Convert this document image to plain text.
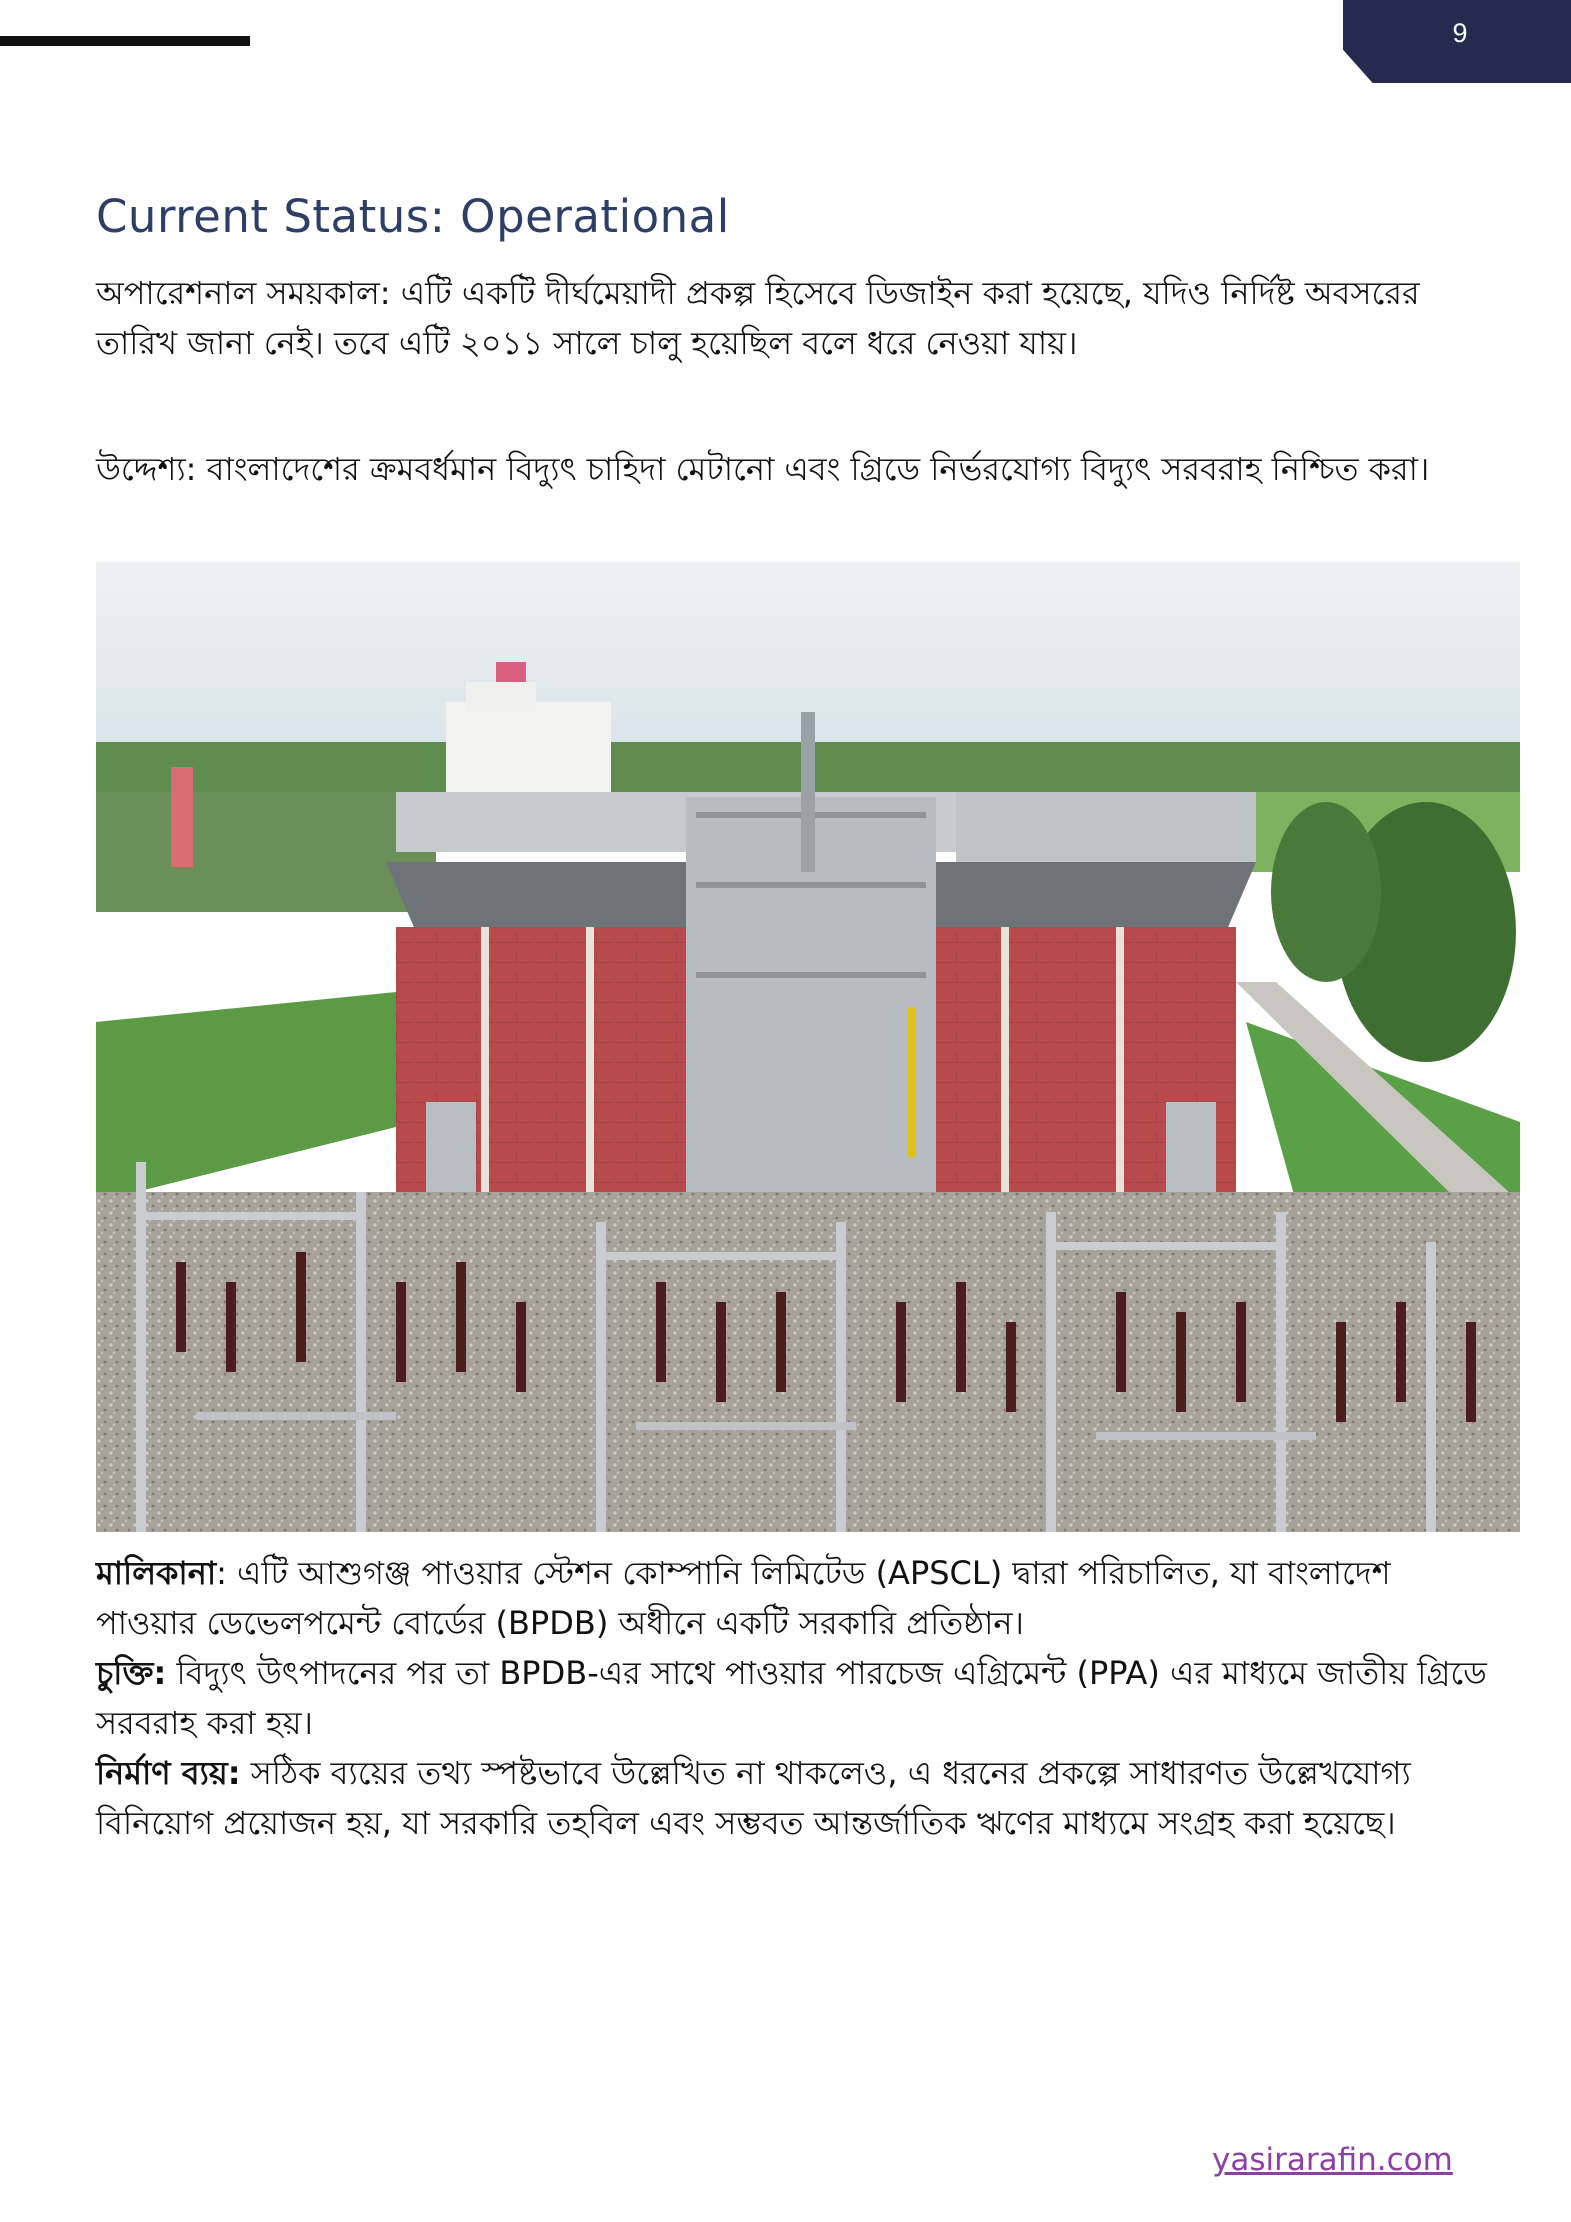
9
Current Status: Operational

অপারেশনাল সময়কাল: এটি একটি দীর্ঘমেয়াদী প্রকল্প হিসেবে ডিজাইন করা হয়েছে, যদিও নির্দিষ্ট অবসরের তারিখ জানা নেই। তবে এটি ২০১১ সালে চালু হয়েছিল বলে ধরে নেওয়া যায়।

উদ্দেশ্য: বাংলাদেশের ক্রমবর্ধমান বিদ্যুৎ চাহিদা মেটানো এবং গ্রিডে নির্ভরযোগ্য বিদ্যুৎ সরবরাহ নিশ্চিত করা।

মালিকানা: এটি আশুগঞ্জ পাওয়ার স্টেশন কোম্পানি লিমিটেড (APSCL) দ্বারা পরিচালিত, যা বাংলাদেশ পাওয়ার ডেভেলপমেন্ট বোর্ডের (BPDB) অধীনে একটি সরকারি প্রতিষ্ঠান।

চুক্তি: বিদ্যুৎ উৎপাদনের পর তা BPDB-এর সাথে পাওয়ার পারচেজ এগ্রিমেন্ট (PPA) এর মাধ্যমে জাতীয় গ্রিডে সরবরাহ করা হয়।

নির্মাণ ব্যয়: সঠিক ব্যয়ের তথ্য স্পষ্টভাবে উল্লেখিত না থাকলেও, এ ধরনের প্রকল্পে সাধারণত উল্লেখযোগ্য বিনিয়োগ প্রয়োজন হয়, যা সরকারি তহবিল এবং সম্ভবত আন্তর্জাতিক ঋণের মাধ্যমে সংগ্রহ করা হয়েছে।

yasirarafin.com
